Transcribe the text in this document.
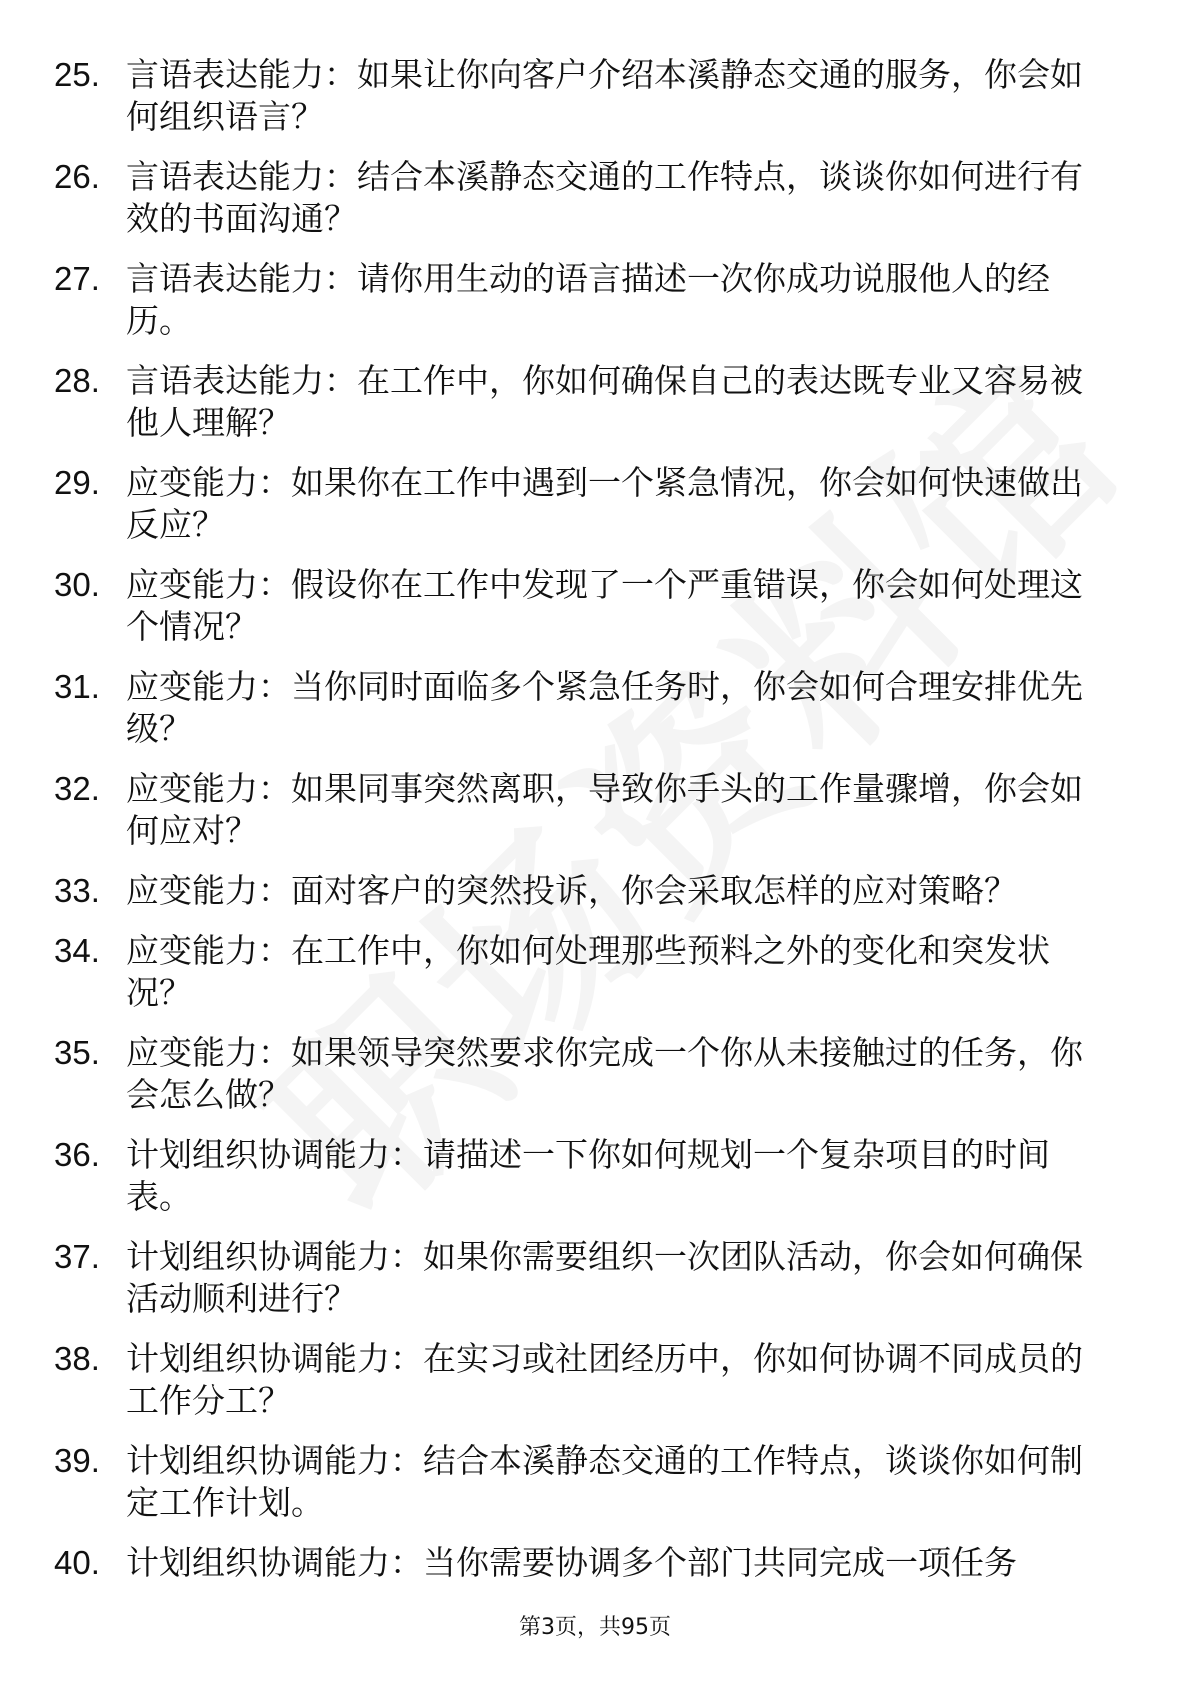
25. 言语表达能力：如果让你向客户介绍本溪静态交通的服务，你会如何组织语言？
26. 言语表达能力：结合本溪静态交通的工作特点，谈谈你如何进行有效的书面沟通？
27. 言语表达能力：请你用生动的语言描述一次你成功说服他人的经历。
28. 言语表达能力：在工作中，你如何确保自己的表达既专业又容易被他人理解？
29. 应变能力：如果你在工作中遇到一个紧急情况，你会如何快速做出反应？
30. 应变能力：假设你在工作中发现了一个严重错误，你会如何处理这个情况？
31. 应变能力：当你同时面临多个紧急任务时，你会如何合理安排优先级？
32. 应变能力：如果同事突然离职，导致你手头的工作量骤增，你会如何应对？
33. 应变能力：面对客户的突然投诉，你会采取怎样的应对策略？
34. 应变能力：在工作中，你如何处理那些预料之外的变化和突发状况？
35. 应变能力：如果领导突然要求你完成一个你从未接触过的任务，你会怎么做？
36. 计划组织协调能力：请描述一下你如何规划一个复杂项目的时间表。
37. 计划组织协调能力：如果你需要组织一次团队活动，你会如何确保活动顺利进行？
38. 计划组织协调能力：在实习或社团经历中，你如何协调不同成员的工作分工？
39. 计划组织协调能力：结合本溪静态交通的工作特点，谈谈你如何制定工作计划。
40. 计划组织协调能力：当你需要协调多个部门共同完成一项任务
第3页，共95页
